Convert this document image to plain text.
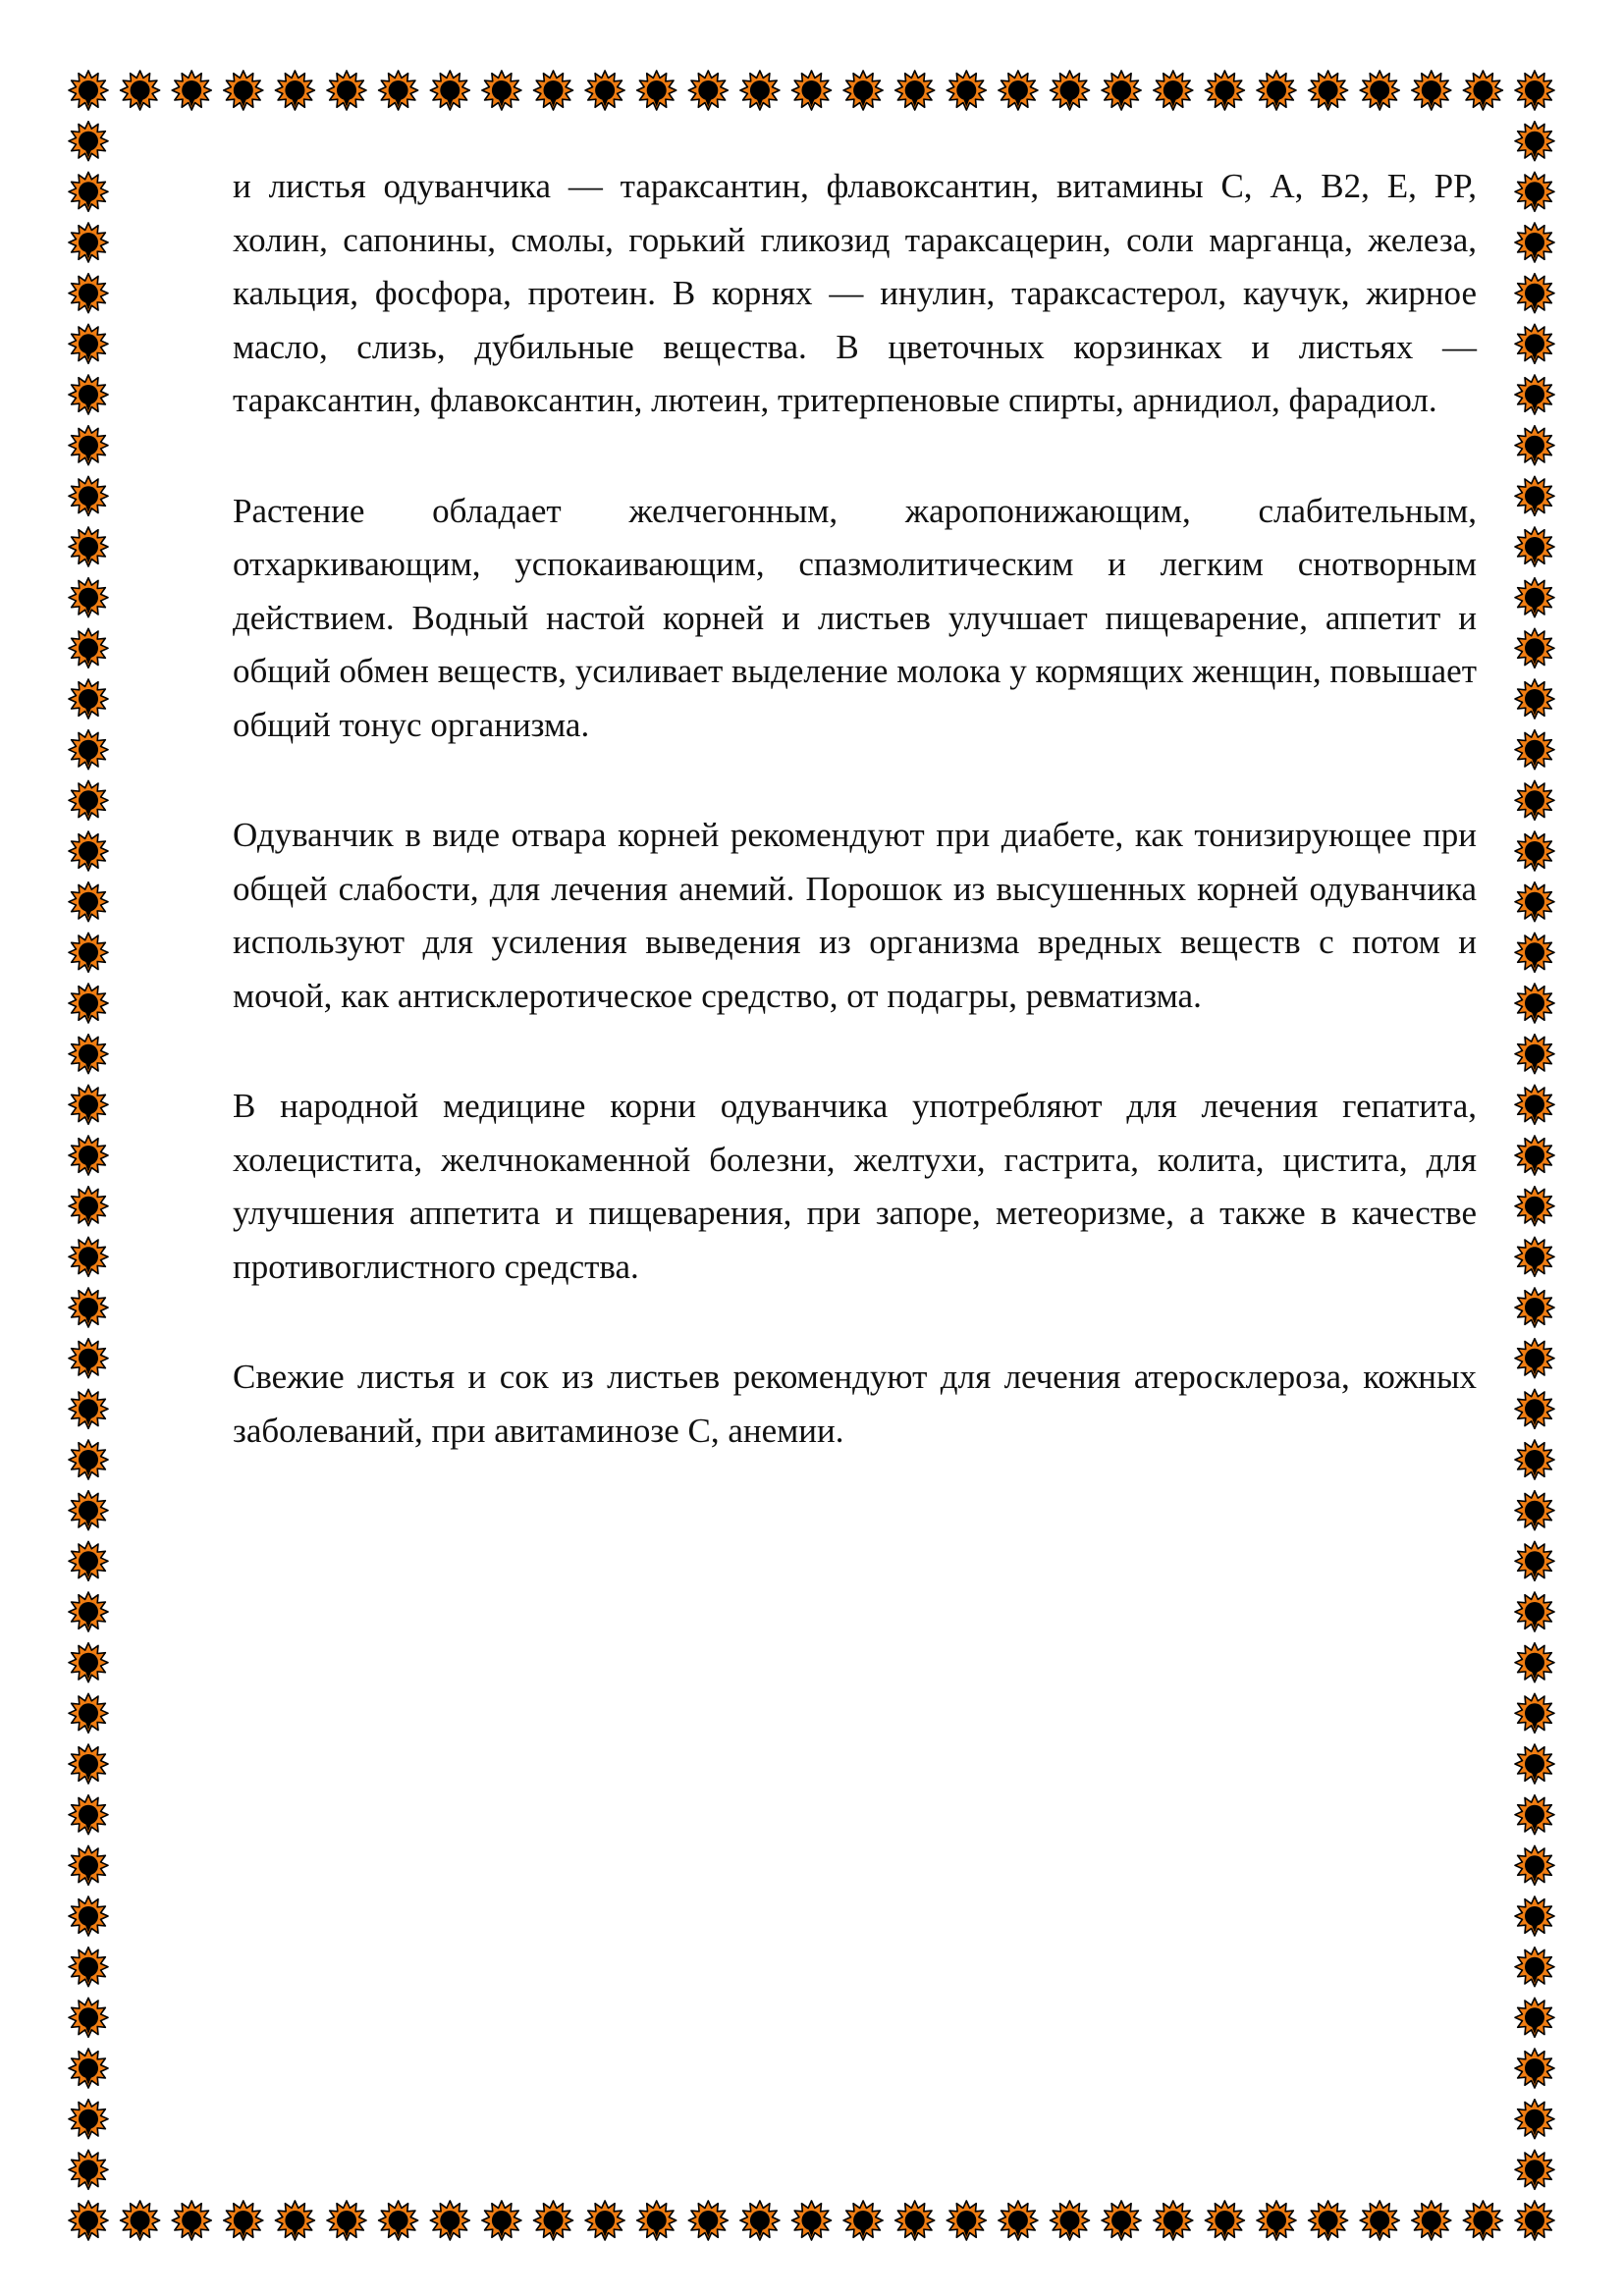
и листья одуванчика — тараксантин, флавоксантин, витамины С, А, В2, Е, РР, холин, сапонины, смолы, горький гликозид тараксацерин, соли марганца, железа, кальция, фосфора, протеин. В корнях — инулин, тараксастерол, каучук, жирное масло, слизь, дубильные вещества. В цветочных корзинках и листьях — тараксантин, флавоксантин, лютеин, тритерпеновые спирты, арнидиол, фарадиол.

Растение обладает желчегонным, жаропонижающим, слабительным, отхаркивающим, успокаивающим, спазмолитическим и легким снотворным действием. Водный настой корней и листьев улучшает пищеварение, аппетит и общий обмен веществ, усиливает выделение молока у кормящих женщин, повышает общий тонус организма.

Одуванчик в виде отвара корней рекомендуют при диабете, как тонизирующее при общей слабости, для лечения анемий. Порошок из высушенных корней одуванчика используют для усиления выведения из организма вредных веществ с потом и мочой, как антисклеротическое средство, от подагры, ревматизма.

В народной медицине корни одуванчика употребляют для лечения гепатита, холецистита, желчнокаменной болезни, желтухи, гастрита, колита, цистита, для улучшения аппетита и пищеварения, при запоре, метеоризме, а также в качестве противоглистного средства.

Свежие листья и сок из листьев рекомендуют для лечения атеросклероза, кожных заболеваний, при авитаминозе С, анемии.
